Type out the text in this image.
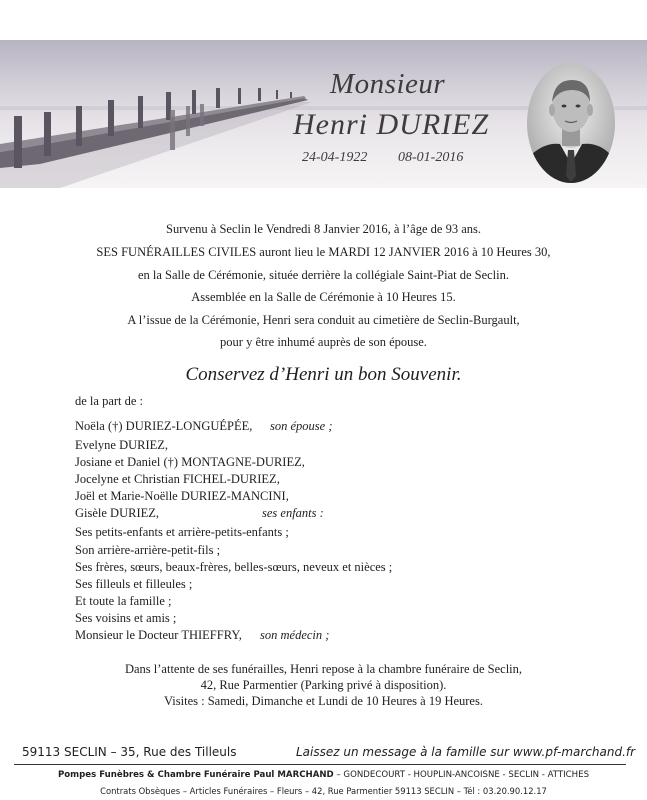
Monsieur
Henri DURIEZ
24-04-1922 08-01-2016
Survenu à Seclin le Vendredi 8 Janvier 2016, à l’âge de 93 ans.
SES FUNÉRAILLES CIVILES auront lieu le MARDI 12 JANVIER 2016 à 10 Heures 30,
en la Salle de Cérémonie, située derrière la collégiale Saint-Piat de Seclin.
Assemblée en la Salle de Cérémonie à 10 Heures 15.
A l’issue de la Cérémonie, Henri sera conduit au cimetière de Seclin-Burgault,
pour y être inhumé auprès de son épouse.
Conservez d’Henri un bon Souvenir.
de la part de :
Noëla (†) DURIEZ-LONGUÉPÉE, son épouse ;
Evelyne DURIEZ,
Josiane et Daniel (†) MONTAGNE-DURIEZ,
Jocelyne et Christian FICHEL-DURIEZ,
Joël et Marie-Noëlle DURIEZ-MANCINI,
Gisèle DURIEZ,	ses enfants :
Ses petits-enfants et arrière-petits-enfants ;
Son arrière-arrière-petit-fils ;
Ses frères, sœurs, beaux-frères, belles-sœurs, neveux et nièces ;
Ses filleuls et filleules ;
Et toute la famille ;
Ses voisins et amis ;
Monsieur le Docteur THIEFFRY, son médecin ;
Dans l’attente de ses funérailles, Henri repose à la chambre funéraire de Seclin,
42, Rue Parmentier (Parking privé à disposition).
Visites : Samedi, Dimanche et Lundi de 10 Heures à 19 Heures.
59113 SECLIN – 35, Rue des Tilleuls	Laissez un message à la famille sur www.pf-marchand.fr
Pompes Funèbres & Chambre Funéraire Paul MARCHAND – GONDECOURT - HOUPLIN-ANCOISNE - SECLIN - ATTICHES
Contrats Obsèques – Articles Funéraires – Fleurs – 42, Rue Parmentier 59113 SECLIN – Tél : 03.20.90.12.17
